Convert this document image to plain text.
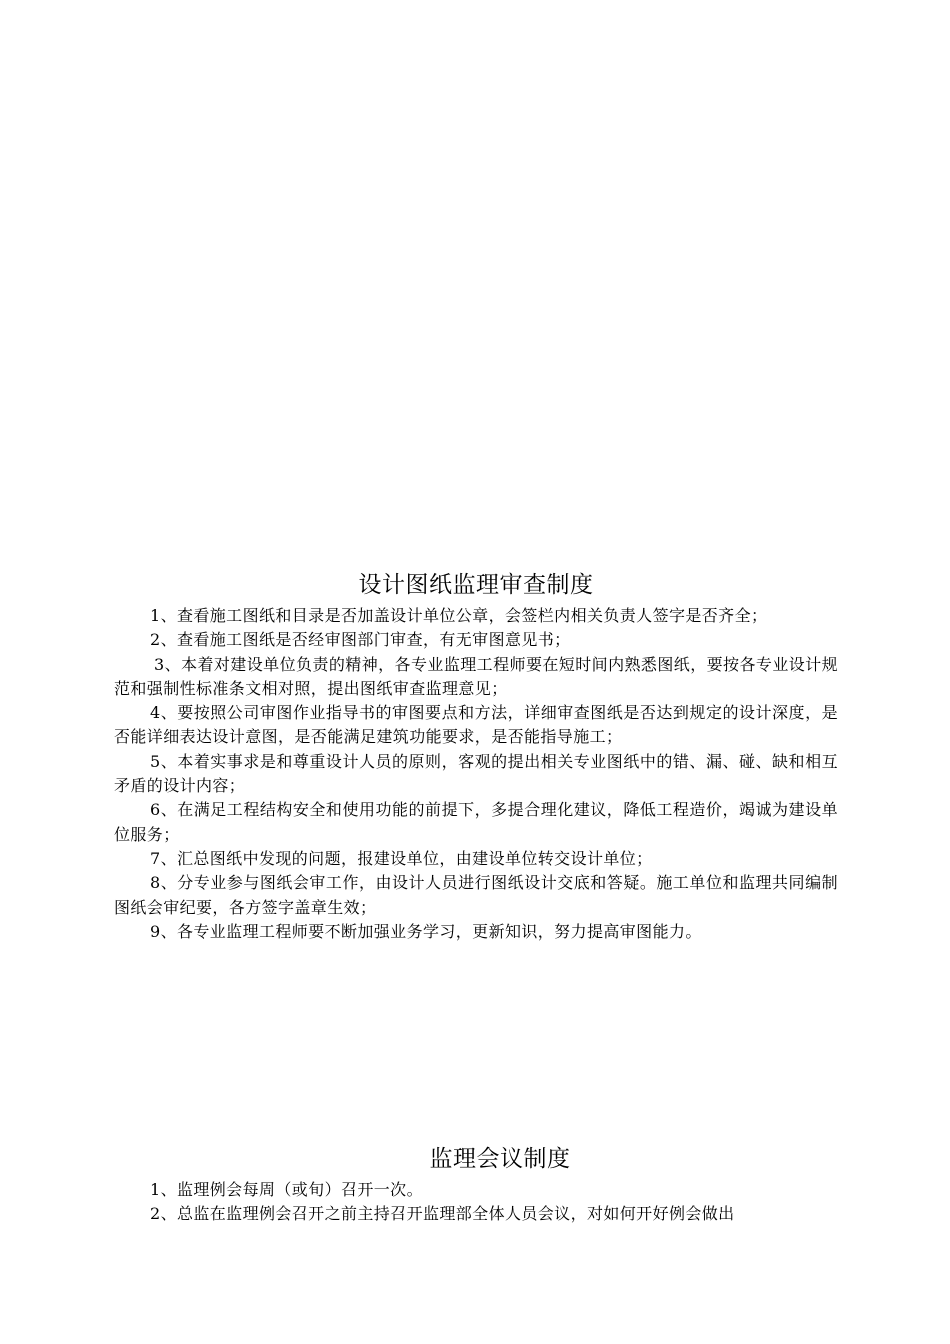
设计图纸监理审查制度

1、查看施工图纸和目录是否加盖设计单位公章，会签栏内相关负责人签字是否齐全；

2、查看施工图纸是否经审图部门审查，有无审图意见书；

3、本着对建设单位负责的精神，各专业监理工程师要在短时间内熟悉图纸，要按各专业设计规范和强制性标准条文相对照，提出图纸审查监理意见；

4、要按照公司审图作业指导书的审图要点和方法，详细审查图纸是否达到规定的设计深度，是否能详细表达设计意图，是否能满足建筑功能要求，是否能指导施工；

5、本着实事求是和尊重设计人员的原则，客观的提出相关专业图纸中的错、漏、碰、缺和相互矛盾的设计内容；

6、在满足工程结构安全和使用功能的前提下，多提合理化建议，降低工程造价，竭诚为建设单位服务；

7、汇总图纸中发现的问题，报建设单位，由建设单位转交设计单位；

8、分专业参与图纸会审工作，由设计人员进行图纸设计交底和答疑。施工单位和监理共同编制图纸会审纪要，各方签字盖章生效；

9、各专业监理工程师要不断加强业务学习，更新知识，努力提高审图能力。

监理会议制度

1、监理例会每周（或旬）召开一次。

2、总监在监理例会召开之前主持召开监理部全体人员会议，对如何开好例会做出
